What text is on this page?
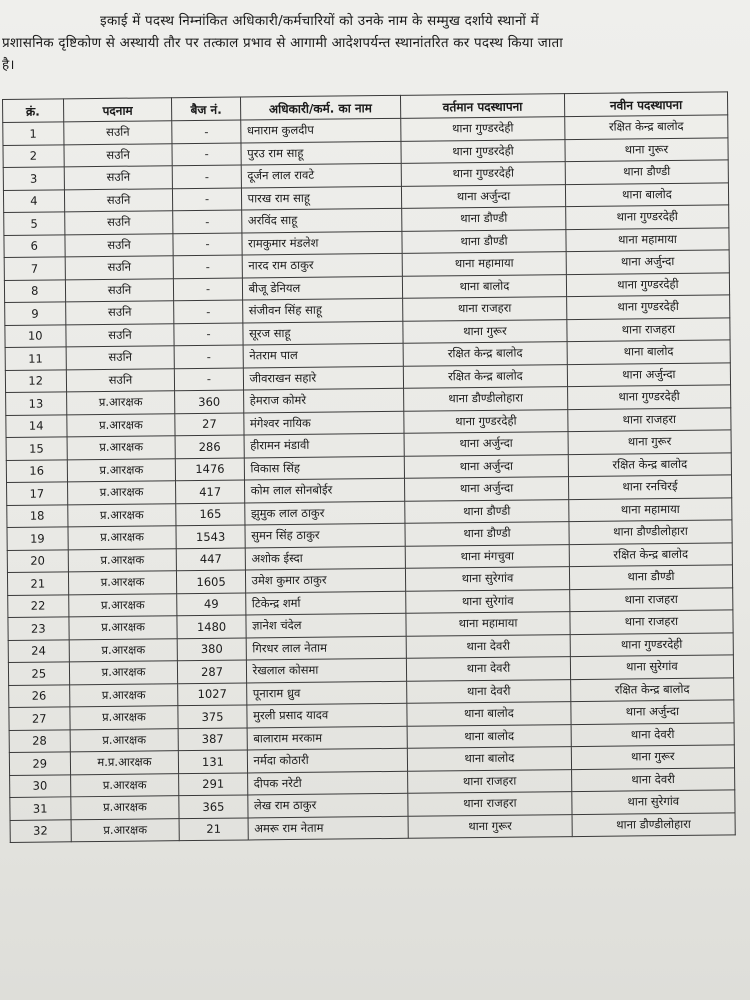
इकाई में पदस्थ निम्नांकित अधिकारी/कर्मचारियों को उनके नाम के सम्मुख दर्शाये स्थानों में
प्रशासनिक दृष्टिकोण से अस्थायी तौर पर तत्काल प्रभाव से आगामी आदेशपर्यन्त स्थानांतरित कर पदस्थ किया जाता
है।
क्रं.	पदनाम	बैज नं.	अधिकारी/कर्म. का नाम	वर्तमान पदस्थापना	नवीन पदस्थापना
1	सउनि	-	धनाराम कुलदीप	थाना गुण्डरदेही	रक्षित केन्द्र बालोद
2	सउनि	-	पुरउ राम साहू	थाना गुण्डरदेही	थाना गुरूर
3	सउनि	-	दूर्जन लाल रावटे	थाना गुण्डरदेही	थाना डौण्डी
4	सउनि	-	पारख राम साहू	थाना अर्जुन्दा	थाना बालोद
5	सउनि	-	अरविंद साहू	थाना डौण्डी	थाना गुण्डरदेही
6	सउनि	-	रामकुमार मंडलेश	थाना डौण्डी	थाना महामाया
7	सउनि	-	नारद राम ठाकुर	थाना महामाया	थाना अर्जुन्दा
8	सउनि	-	बीजू डेनियल	थाना बालोद	थाना गुण्डरदेही
9	सउनि	-	संजीवन सिंह साहू	थाना राजहरा	थाना गुण्डरदेही
10	सउनि	-	सूरज साहू	थाना गुरूर	थाना राजहरा
11	सउनि	-	नेतराम पाल	रक्षित केन्द्र बालोद	थाना बालोद
12	सउनि	-	जीवराखन सहारे	रक्षित केन्द्र बालोद	थाना अर्जुन्दा
13	प्र.आरक्षक	360	हेमराज कोमरे	थाना डौण्डीलोहारा	थाना गुण्डरदेही
14	प्र.आरक्षक	27	मंगेश्वर नायिक	थाना गुण्डरदेही	थाना राजहरा
15	प्र.आरक्षक	286	हीरामन मंडावी	थाना अर्जुन्दा	थाना गुरूर
16	प्र.आरक्षक	1476	विकास सिंह	थाना अर्जुन्दा	रक्षित केन्द्र बालोद
17	प्र.आरक्षक	417	कोम लाल सोनबोईर	थाना अर्जुन्दा	थाना रनचिरई
18	प्र.आरक्षक	165	झुमुक लाल ठाकुर	थाना डौण्डी	थाना महामाया
19	प्र.आरक्षक	1543	सुमन सिंह ठाकुर	थाना डौण्डी	थाना डौण्डीलोहारा
20	प्र.आरक्षक	447	अशोक ईस्दा	थाना मंगचुवा	रक्षित केन्द्र बालोद
21	प्र.आरक्षक	1605	उमेश कुमार ठाकुर	थाना सुरेगांव	थाना डौण्डी
22	प्र.आरक्षक	49	टिकेन्द्र शर्मा	थाना सुरेगांव	थाना राजहरा
23	प्र.आरक्षक	1480	ज्ञानेश चंदेल	थाना महामाया	थाना राजहरा
24	प्र.आरक्षक	380	गिरधर लाल नेताम	थाना देवरी	थाना गुण्डरदेही
25	प्र.आरक्षक	287	रेखलाल कोसमा	थाना देवरी	थाना सुरेगांव
26	प्र.आरक्षक	1027	पूनाराम ध्रुव	थाना देवरी	रक्षित केन्द्र बालोद
27	प्र.आरक्षक	375	मुरली प्रसाद यादव	थाना बालोद	थाना अर्जुन्दा
28	प्र.आरक्षक	387	बालाराम मरकाम	थाना बालोद	थाना देवरी
29	म.प्र.आरक्षक	131	नर्मदा कोठारी	थाना बालोद	थाना गुरूर
30	प्र.आरक्षक	291	दीपक नरेटी	थाना राजहरा	थाना देवरी
31	प्र.आरक्षक	365	लेख राम ठाकुर	थाना राजहरा	थाना सुरेगांव
32	प्र.आरक्षक	21	अमरू राम नेताम	थाना गुरूर	थाना डौण्डीलोहारा
